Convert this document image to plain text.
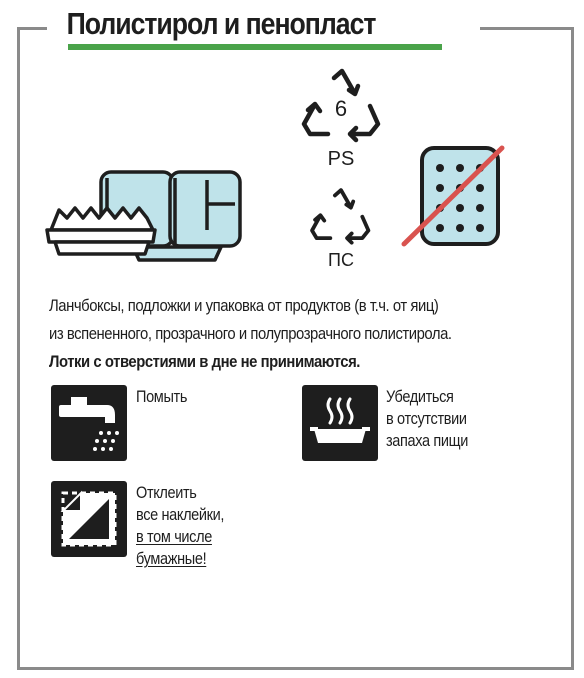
Полистирол и пенопласт
6
PS
ПС
Ланчбоксы, подложки и упаковка от продуктов (в т.ч. от яиц)
из вспененного, прозрачного и полупрозрачного полистирола.
Лотки с отверстиями в дне не принимаются.
Помыть	Убедиться
в отсутствии
запаха пищи
Отклеить
все наклейки,
в том числе
бумажные!
